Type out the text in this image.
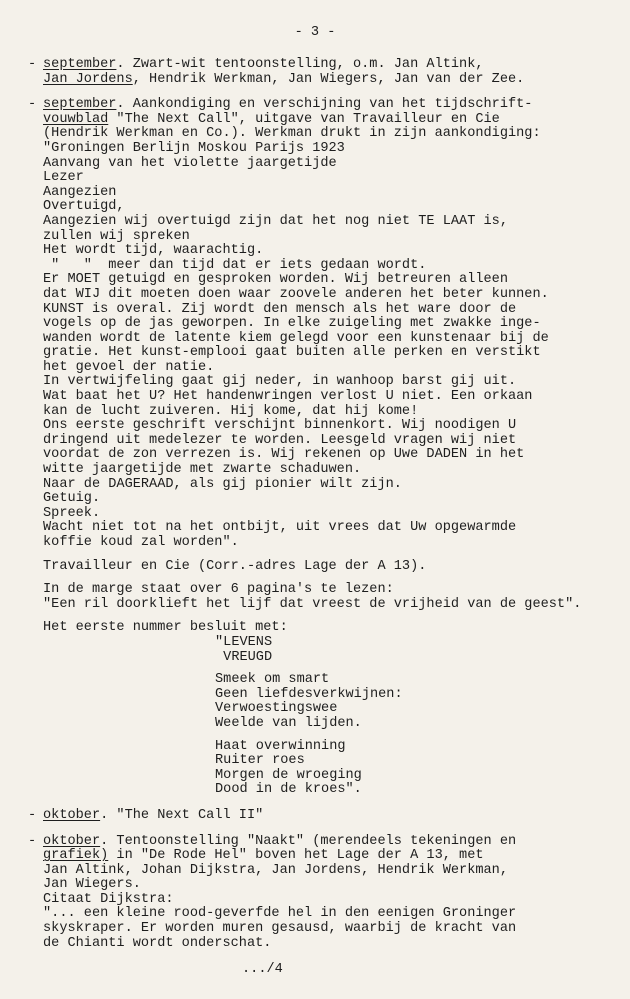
- 3 -
- september. Zwart-wit tentoonstelling, o.m. Jan Altink,
Jan Jordens, Hendrik Werkman, Jan Wiegers, Jan van der Zee.
- september. Aankondiging en verschijning van het tijdschrift-
vouwblad "The Next Call", uitgave van Travailleur en Cie
(Hendrik Werkman en Co.). Werkman drukt in zijn aankondiging:
"Groningen Berlijn Moskou Parijs 1923
Aanvang van het violette jaargetijde
Lezer
Aangezien
Overtuigd,
Aangezien wij overtuigd zijn dat het nog niet TE LAAT is,
zullen wij spreken
Het wordt tijd, waarachtig.
"   "  meer dan tijd dat er iets gedaan wordt.
Er MOET getuigd en gesproken worden. Wij betreuren alleen
dat WIJ dit moeten doen waar zoovele anderen het beter kunnen.
KUNST is overal. Zij wordt den mensch als het ware door de
vogels op de jas geworpen. In elke zuigeling met zwakke inge-
wanden wordt de latente kiem gelegd voor een kunstenaar bij de
gratie. Het kunst-emplooi gaat buiten alle perken en verstikt
het gevoel der natie.
In vertwijfeling gaat gij neder, in wanhoop barst gij uit.
Wat baat het U? Het handenwringen verlost U niet. Een orkaan
kan de lucht zuiveren. Hij kome, dat hij kome!
Ons eerste geschrift verschijnt binnenkort. Wij noodigen U
dringend uit medelezer te worden. Leesgeld vragen wij niet
voordat de zon verrezen is. Wij rekenen op Uwe DADEN in het
witte jaargetijde met zwarte schaduwen.
Naar de DAGERAAD, als gij pionier wilt zijn.
Getuig.
Spreek.
Wacht niet tot na het ontbijt, uit vrees dat Uw opgewarmde
koffie koud zal worden".
Travailleur en Cie (Corr.-adres Lage der A 13).
In de marge staat over 6 pagina's te lezen:
"Een ril doorklieft het lijf dat vreest de vrijheid van de geest".
Het eerste nummer besluit met:
"LEVENS
VREUGD
Smeek om smart
Geen liefdesverkwijnen:
Verwoestingswee
Weelde van lijden.
Haat overwinning
Ruiter roes
Morgen de wroeging
Dood in de kroes".
- oktober. "The Next Call II"
- oktober. Tentoonstelling "Naakt" (merendeels tekeningen en
grafiek) in "De Rode Hel" boven het Lage der A 13, met
Jan Altink, Johan Dijkstra, Jan Jordens, Hendrik Werkman,
Jan Wiegers.
Citaat Dijkstra:
"... een kleine rood-geverfde hel in den eenigen Groninger
skyskraper. Er worden muren gesausd, waarbij de kracht van
de Chianti wordt onderschat.
.../4
